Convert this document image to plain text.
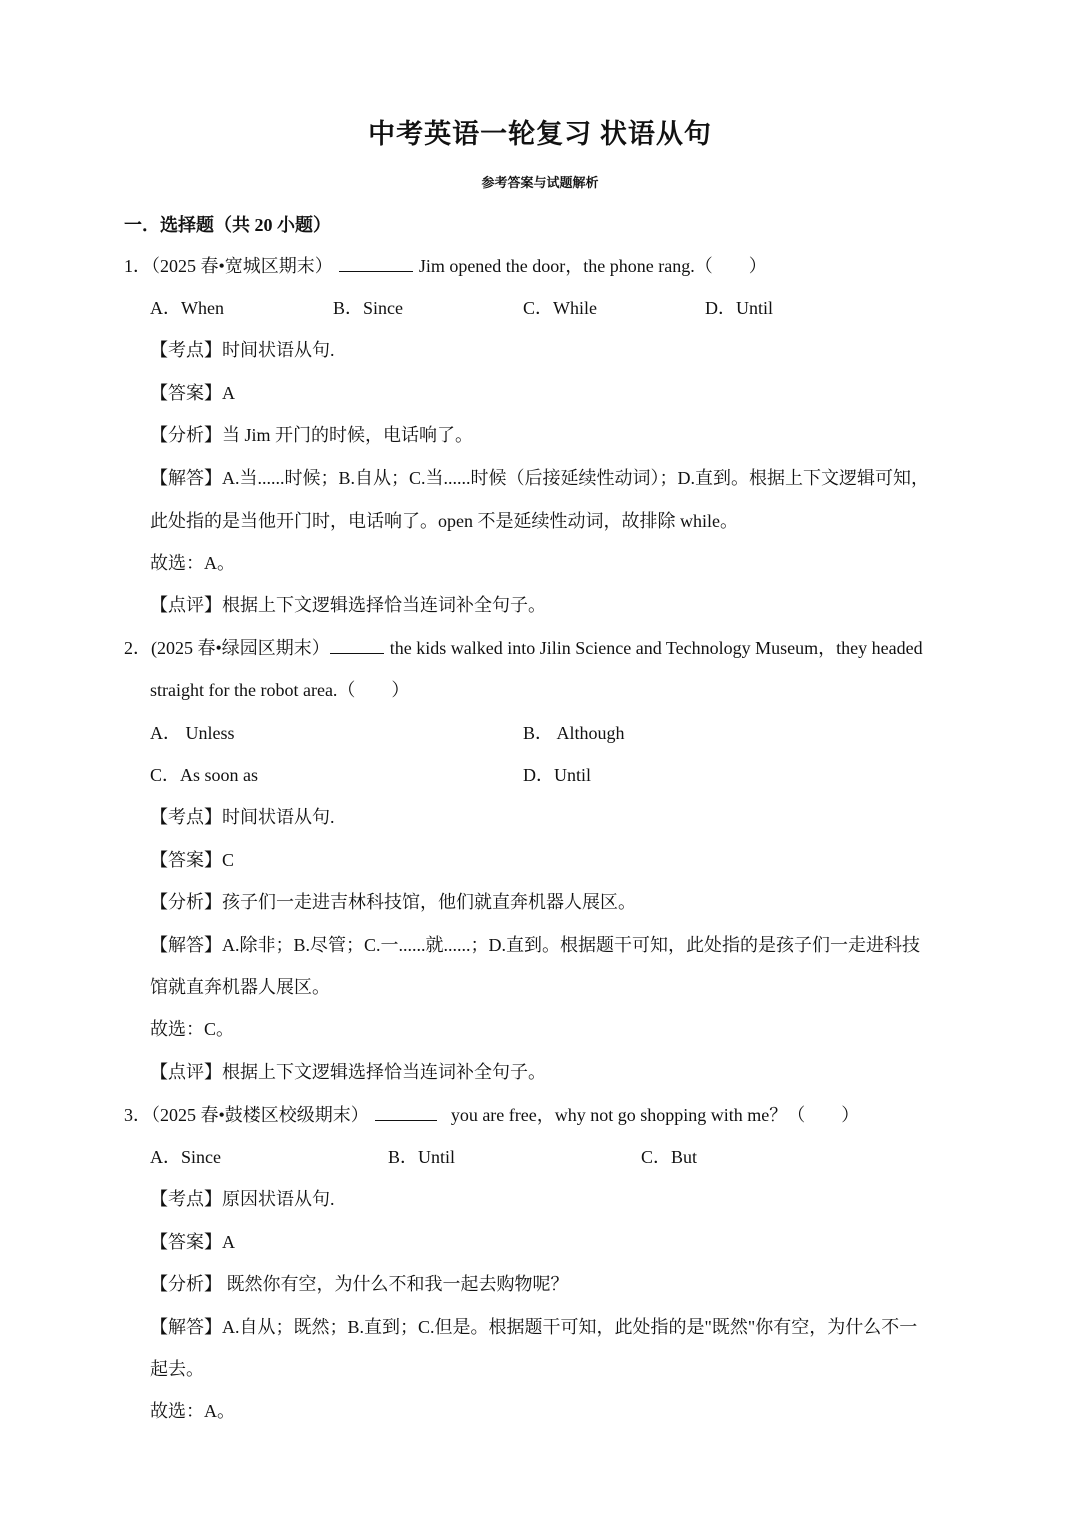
中考英语一轮复习 状语从句
参考答案与试题解析
一．选择题（共 20 小题）
1．（2025 春•宽城区期末）	Jim opened the door，the phone rang.（　　）
A．When	B．Since	C．While	D．Until
【考点】时间状语从句.
【答案】A
【分析】当 Jim 开门的时候，电话响了。
【解答】A.当......时候；B.自从；C.当......时候（后接延续性动词）；D.直到。根据上下文逻辑可知，
此处指的是当他开门时，电话响了。open 不是延续性动词，故排除 while。
故选：A。
【点评】根据上下文逻辑选择恰当连词补全句子。
2．(2025 春•绿园区期末）	the kids walked into Jilin Science and Technology Museum，they headed
straight for the robot area.（　　）
A． Unless	B． Although
C．As soon as	D．Until
【考点】时间状语从句.
【答案】C
【分析】孩子们一走进吉林科技馆，他们就直奔机器人展区。
【解答】A.除非；B.尽管；C.一......就......；D.直到。根据题干可知，此处指的是孩子们一走进科技
馆就直奔机器人展区。
故选：C。
【点评】根据上下文逻辑选择恰当连词补全句子。
3．（2025 春•鼓楼区校级期末）	you are free，why not go shopping with me？（　　）
A．Since	B．Until	C．But
【考点】原因状语从句.
【答案】A
【分析】 既然你有空，为什么不和我一起去购物呢？
【解答】A.自从；既然；B.直到；C.但是。根据题干可知，此处指的是"既然"你有空，为什么不一
起去。
故选：A。
